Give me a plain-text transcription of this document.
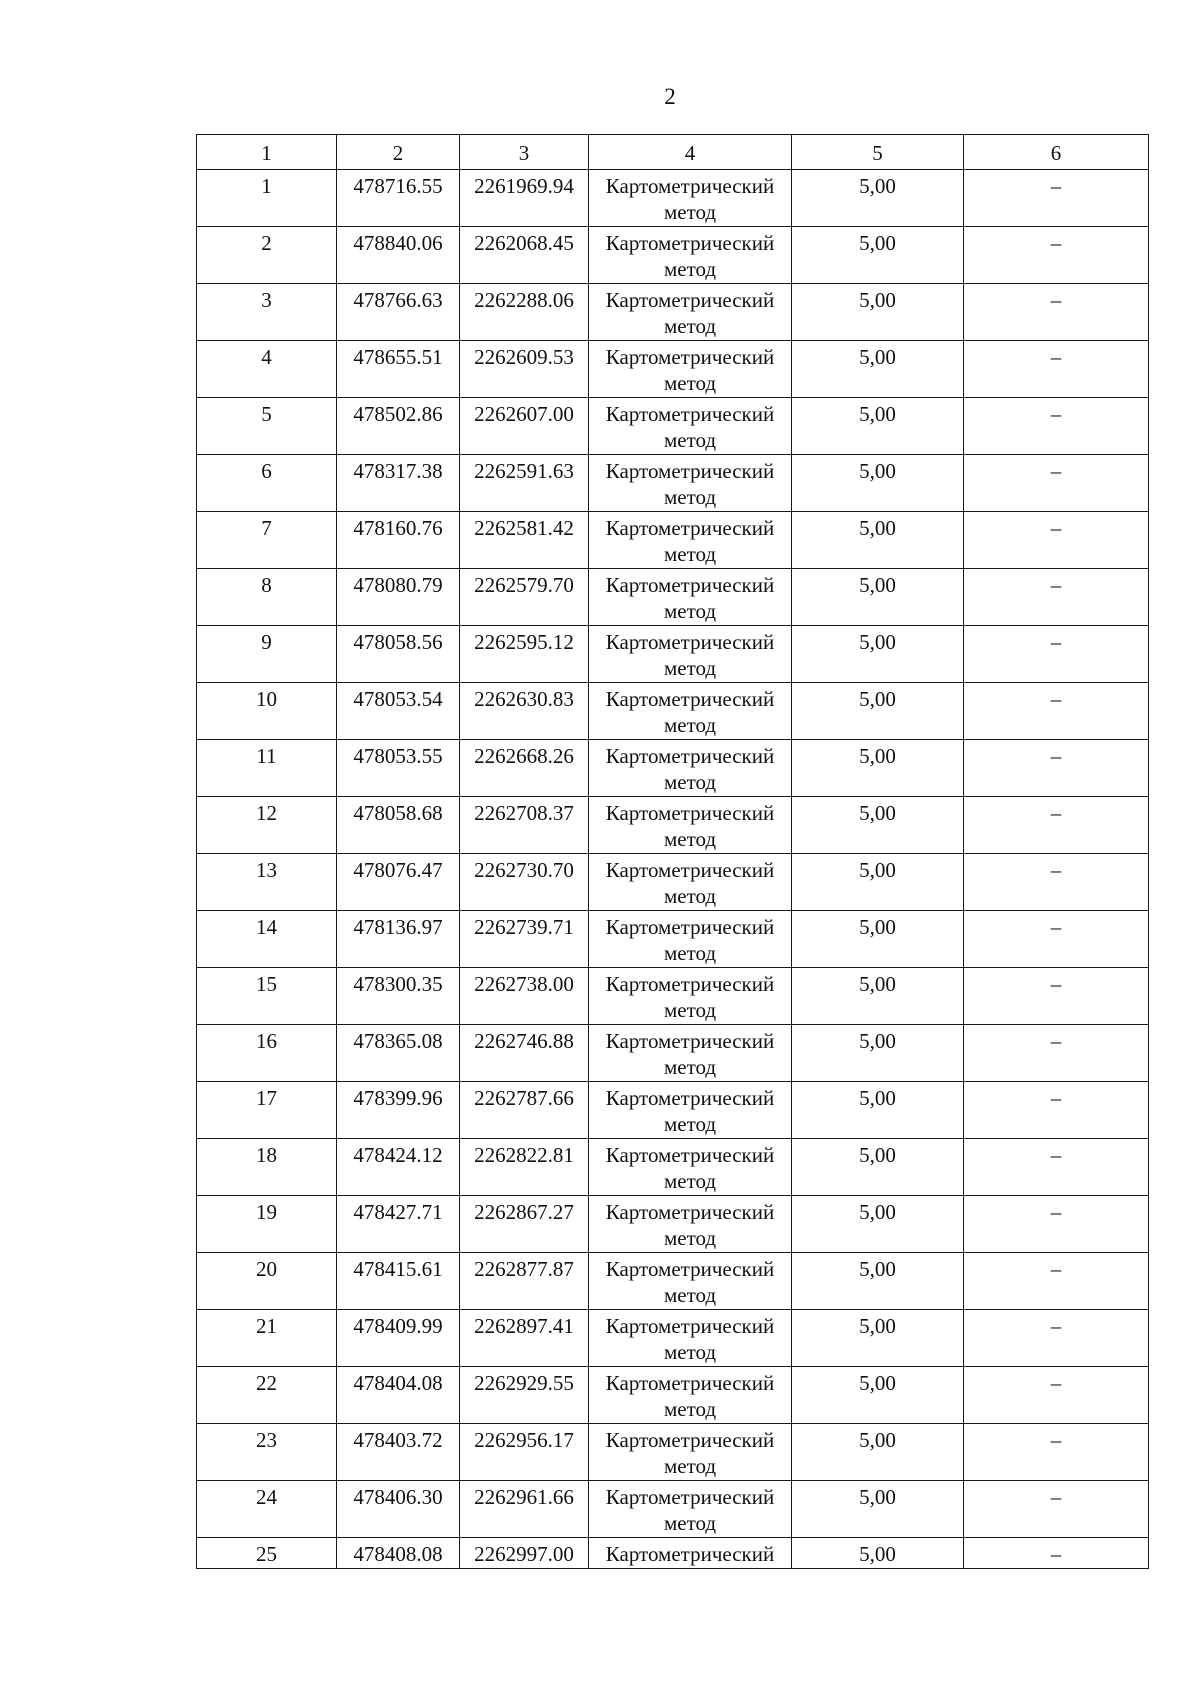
2
1	2	3	4	5	6
1	478716.55	2261969.94	Картометрический метод	5,00	–
2	478840.06	2262068.45	Картометрический метод	5,00	–
3	478766.63	2262288.06	Картометрический метод	5,00	–
4	478655.51	2262609.53	Картометрический метод	5,00	–
5	478502.86	2262607.00	Картометрический метод	5,00	–
6	478317.38	2262591.63	Картометрический метод	5,00	–
7	478160.76	2262581.42	Картометрический метод	5,00	–
8	478080.79	2262579.70	Картометрический метод	5,00	–
9	478058.56	2262595.12	Картометрический метод	5,00	–
10	478053.54	2262630.83	Картометрический метод	5,00	–
11	478053.55	2262668.26	Картометрический метод	5,00	–
12	478058.68	2262708.37	Картометрический метод	5,00	–
13	478076.47	2262730.70	Картометрический метод	5,00	–
14	478136.97	2262739.71	Картометрический метод	5,00	–
15	478300.35	2262738.00	Картометрический метод	5,00	–
16	478365.08	2262746.88	Картометрический метод	5,00	–
17	478399.96	2262787.66	Картометрический метод	5,00	–
18	478424.12	2262822.81	Картометрический метод	5,00	–
19	478427.71	2262867.27	Картометрический метод	5,00	–
20	478415.61	2262877.87	Картометрический метод	5,00	–
21	478409.99	2262897.41	Картометрический метод	5,00	–
22	478404.08	2262929.55	Картометрический метод	5,00	–
23	478403.72	2262956.17	Картометрический метод	5,00	–
24	478406.30	2262961.66	Картометрический метод	5,00	–
25	478408.08	2262997.00	Картометрический	5,00	–
